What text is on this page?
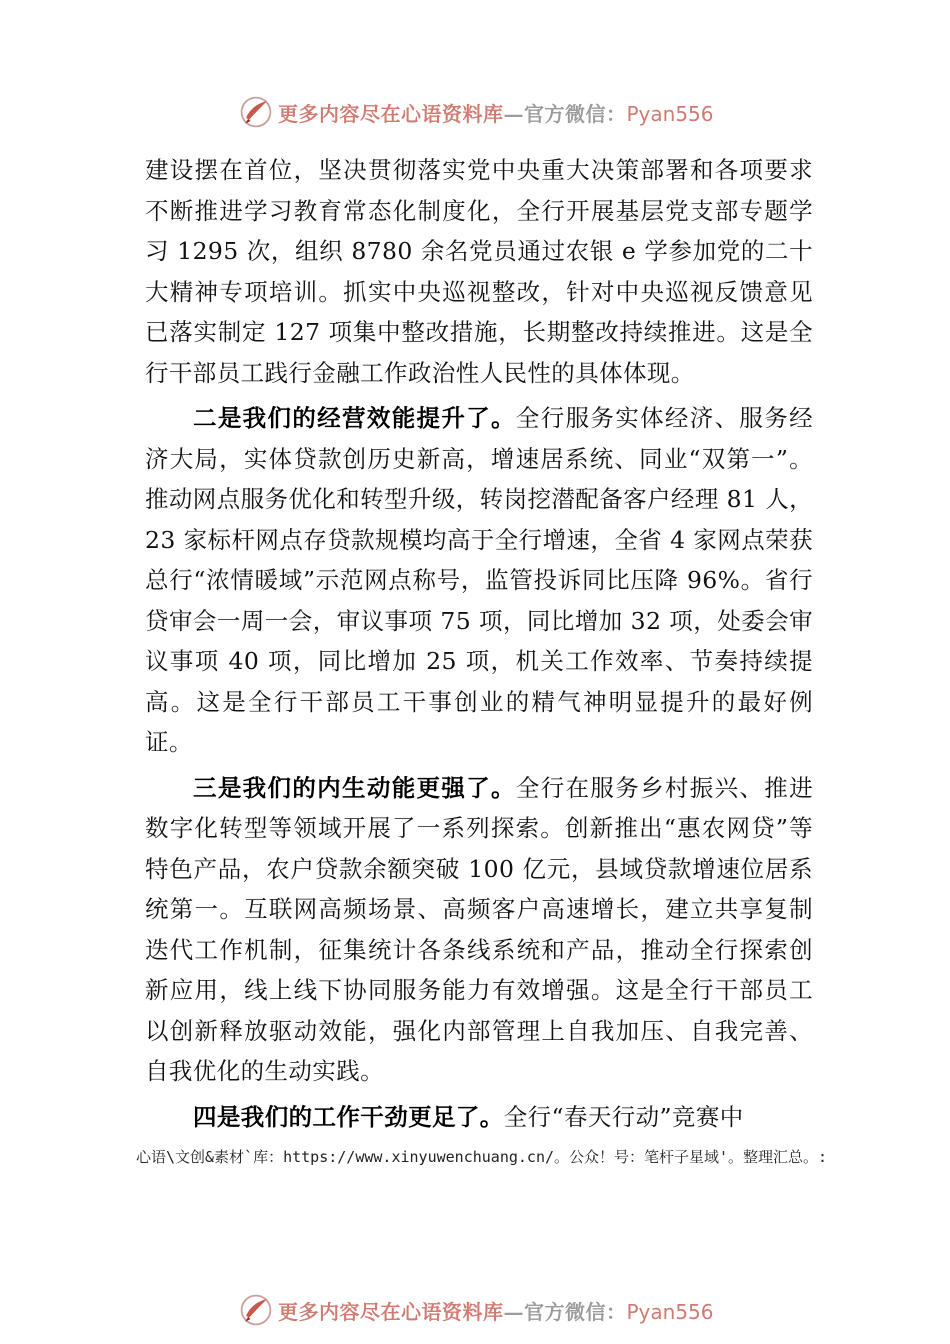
更多内容尽在心语资料库—官方微信：Pyan556

建设摆在首位，坚决贯彻落实党中央重大决策部署和各项要求不断推进学习教育常态化制度化，全行开展基层党支部专题学习 1295 次，组织 8780 余名党员通过农银 e 学参加党的二十大精神专项培训。抓实中央巡视整改，针对中央巡视反馈意见已落实制定 127 项集中整改措施，长期整改持续推进。这是全行干部员工践行金融工作政治性人民性的具体体现。

二是我们的经营效能提升了。全行服务实体经济、服务经济大局，实体贷款创历史新高，增速居系统、同业“双第一”。推动网点服务优化和转型升级，转岗挖潜配备客户经理 81 人，23 家标杆网点存贷款规模均高于全行增速，全省 4 家网点荣获总行“浓情暖域”示范网点称号，监管投诉同比压降 96%。省行贷审会一周一会，审议事项 75 项，同比增加 32 项，处委会审议事项 40 项，同比增加 25 项，机关工作效率、节奏持续提高。这是全行干部员工干事创业的精气神明显提升的最好例证。

三是我们的内生动能更强了。全行在服务乡村振兴、推进数字化转型等领域开展了一系列探索。创新推出“惠农网贷”等特色产品，农户贷款余额突破 100 亿元，县域贷款增速位居系统第一。互联网高频场景、高频客户高速增长，建立共享复制迭代工作机制，征集统计各条线系统和产品，推动全行探索创新应用，线上线下协同服务能力有效增强。这是全行干部员工以创新释放驱动效能，强化内部管理上自我加压、自我完善、自我优化的生动实践。

四是我们的工作干劲更足了。全行“春天行动”竞赛中

心语\文创&素材`库：https://www.xinyuwenchuang.cn/。公众！号：笔杆子星域'。整理汇总。:
更多内容尽在心语资料库—官方微信：Pyan556
